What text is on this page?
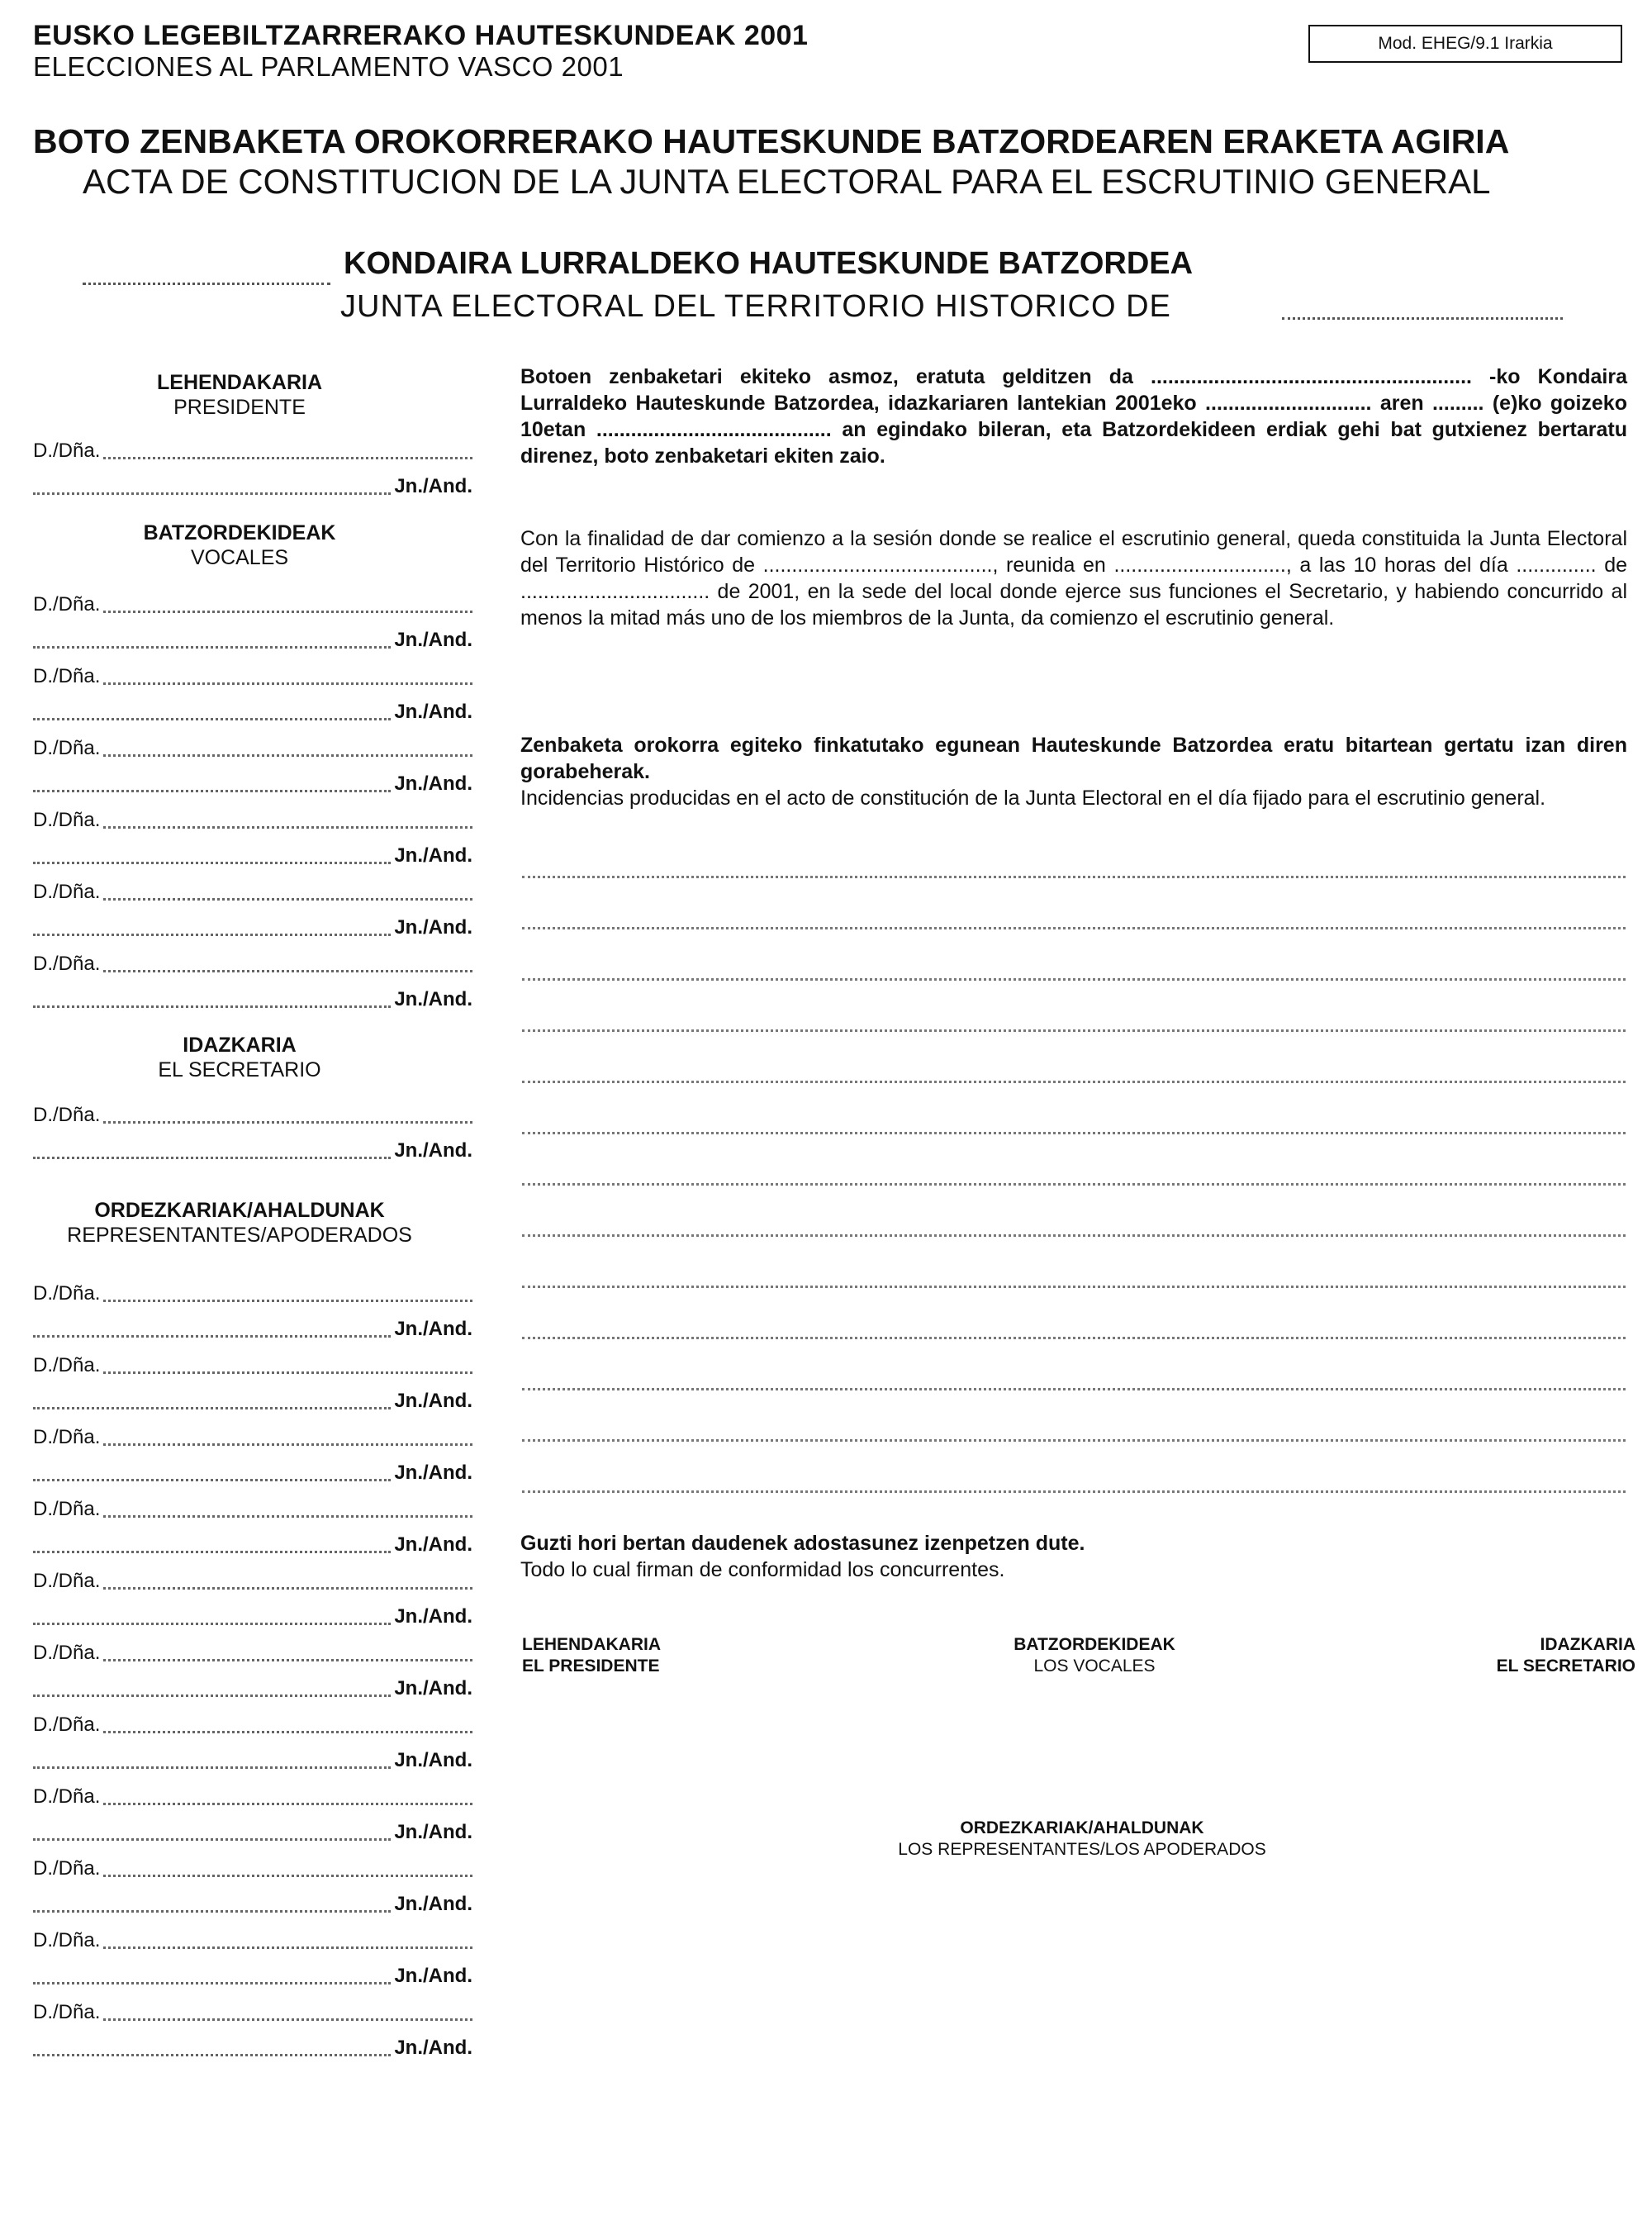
EUSKO LEGEBILTZARRERAKO HAUTESKUNDEAK 2001
ELECCIONES AL PARLAMENTO VASCO 2001
Mod. EHEG/9.1 Irarkia
BOTO ZENBAKETA OROKORRERAKO HAUTESKUNDE BATZORDEAREN ERAKETA AGIRIA
ACTA DE CONSTITUCION DE LA JUNTA ELECTORAL PARA EL ESCRUTINIO GENERAL
KONDAIRA LURRALDEKO HAUTESKUNDE BATZORDEA
JUNTA ELECTORAL DEL TERRITORIO HISTORICO DE
LEHENDAKARIA
PRESIDENTE
D./Dña.
Jn./And.
BATZORDEKIDEAK
VOCALES
D./Dña.
Jn./And.
D./Dña.
Jn./And.
D./Dña.
Jn./And.
D./Dña.
Jn./And.
D./Dña.
Jn./And.
D./Dña.
Jn./And.
IDAZKARIA
EL SECRETARIO
D./Dña.
Jn./And.
ORDEZKARIAK/AHALDUNAK
REPRESENTANTES/APODERADOS
D./Dña.
Jn./And.
D./Dña.
Jn./And.
D./Dña.
Jn./And.
D./Dña.
Jn./And.
D./Dña.
Jn./And.
D./Dña.
Jn./And.
D./Dña.
Jn./And.
D./Dña.
Jn./And.
D./Dña.
Jn./And.
D./Dña.
Jn./And.
D./Dña.
Jn./And.
Botoen zenbaketari ekiteko asmoz, eratuta gelditzen da ........................................................ -ko Kondaira Lurraldeko Hauteskunde Batzordea, idazkariaren lantekian 2001eko ............................. aren ......... (e)ko goizeko 10etan ......................................... an egindako bileran, eta Batzordekideen erdiak gehi bat gutxienez bertaratu direnez, boto zenbaketari ekiten zaio.
Con la finalidad de dar comienzo a la sesión donde se realice el escrutinio general, queda constituida la Junta Electoral del Territorio Histórico de ........................................, reunida en .............................., a las 10 horas del día .............. de ................................. de 2001, en la sede del local donde ejerce sus funciones el Secretario, y habiendo concurrido al menos la mitad más uno de los miembros de la Junta, da comienzo el escrutinio general.
Zenbaketa orokorra egiteko finkatutako egunean Hauteskunde Batzordea eratu bitartean gertatu izan diren gorabeherak.
Incidencias producidas en el acto de constitución de la Junta Electoral en el día fijado para el escrutinio general.
Guzti hori bertan daudenek adostasunez izenpetzen dute.
Todo lo cual firman de conformidad los concurrentes.
LEHENDAKARIA
EL PRESIDENTE
BATZORDEKIDEAK
LOS VOCALES
IDAZKARIA
EL SECRETARIO
ORDEZKARIAK/AHALDUNAK
LOS REPRESENTANTES/LOS APODERADOS
